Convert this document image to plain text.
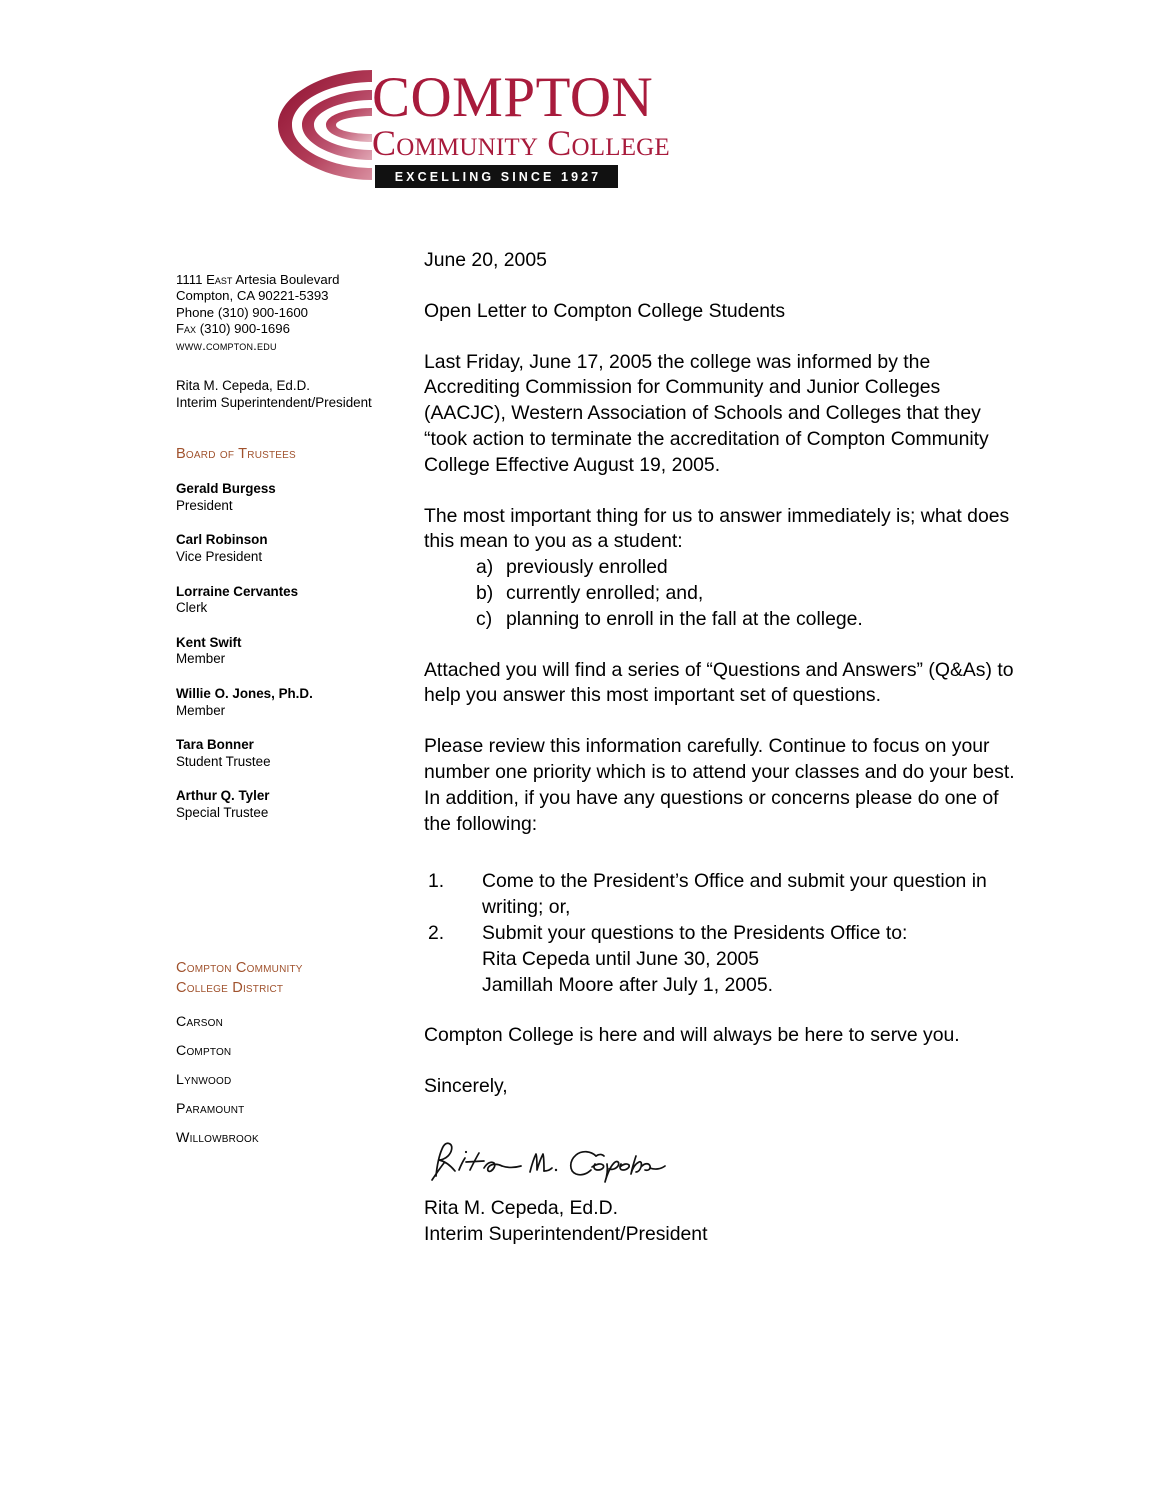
COMPTON
Community College
EXCELLING SINCE 1927
1111 East Artesia Boulevard
Compton, CA 90221-5393
Phone (310) 900-1600
Fax (310) 900-1696
www.compton.edu
Rita M. Cepeda, Ed.D.
Interim Superintendent/President
Board of Trustees
Gerald Burgess
President
Carl Robinson
Vice President
Lorraine Cervantes
Clerk
Kent Swift
Member
Willie O. Jones, Ph.D.
Member
Tara Bonner
Student Trustee
Arthur Q. Tyler
Special Trustee
Compton Community
College District
Carson
Compton
Lynwood
Paramount
Willowbrook

June 20, 2005

Open Letter to Compton College Students

Last Friday, June 17, 2005 the college was informed by the Accrediting Commission for Community and Junior Colleges (AACJC), Western Association of Schools and Colleges that they “took action to terminate the accreditation of Compton Community College Effective August 19, 2005.

The most important thing for us to answer immediately is; what does this mean to you as a student:

a) previously enrolled
b) currently enrolled; and,
c) planning to enroll in the fall at the college.

Attached you will find a series of “Questions and Answers” (Q&As) to help you answer this most important set of questions.

Please review this information carefully. Continue to focus on your number one priority which is to attend your classes and do your best. In addition, if you have any questions or concerns please do one of the following:

1. Come to the President’s Office and submit your question in writing; or,
2. Submit your questions to the Presidents Office to:
Rita Cepeda until June 30, 2005
Jamillah Moore after July 1, 2005.

Compton College is here and will always be here to serve you.

Sincerely,

Rita M. Cepeda, Ed.D.
Interim Superintendent/President
